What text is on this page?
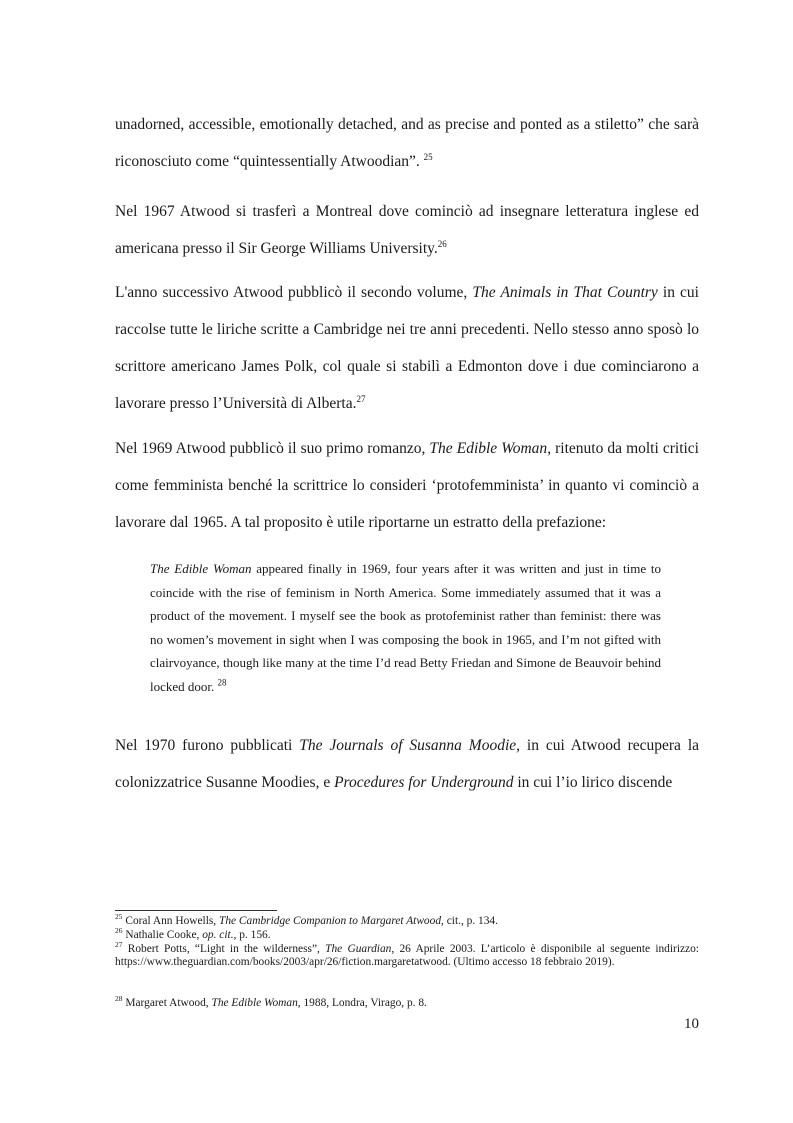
unadorned, accessible, emotionally detached, and as precise and ponted as a stiletto” che sarà riconosciuto come “quintessentially Atwoodian”. $^{25}$

Nel 1967 Atwood si trasferì a Montreal dove cominciò ad insegnare letteratura inglese ed americana presso il Sir George Williams University.$^{26}$

L'anno successivo Atwood pubblicò il secondo volume, The Animals in That Country in cui raccolse tutte le liriche scritte a Cambridge nei tre anni precedenti. Nello stesso anno sposò lo scrittore americano James Polk, col quale si stabilì a Edmonton dove i due cominciarono a lavorare presso l’Università di Alberta.$^{27}$

Nel 1969 Atwood pubblicò il suo primo romanzo, The Edible Woman, ritenuto da molti critici come femminista benché la scrittrice lo consideri ‘protofemminista’ in quanto vi cominciò a lavorare dal 1965. A tal proposito è utile riportarne un estratto della prefazione:

The Edible Woman appeared finally in 1969, four years after it was written and just in time to coincide with the rise of feminism in North America. Some immediately assumed that it was a product of the movement. I myself see the book as protofeminist rather than feminist: there was no women’s movement in sight when I was composing the book in 1965, and I’m not gifted with clairvoyance, though like many at the time I’d read Betty Friedan and Simone de Beauvoir behind locked door. $^{28}$

Nel 1970 furono pubblicati The Journals of Susanna Moodie, in cui Atwood recupera la colonizzatrice Susanne Moodies, e Procedures for Underground in cui l’io lirico discende

$^{25}$ Coral Ann Howells, The Cambridge Companion to Margaret Atwood, cit., p. 134.

$^{26}$ Nathalie Cooke, op. cit., p. 156.

$^{27}$ Robert Potts, “Light in the wilderness”, The Guardian, 26 Aprile 2003. L’articolo è disponibile al seguente indirizzo: https://www.theguardian.com/books/2003/apr/26/fiction.margaretatwood. (Ultimo accesso 18 febbraio 2019).

$^{28}$ Margaret Atwood, The Edible Woman, 1988, Londra, Virago, p. 8.

10
